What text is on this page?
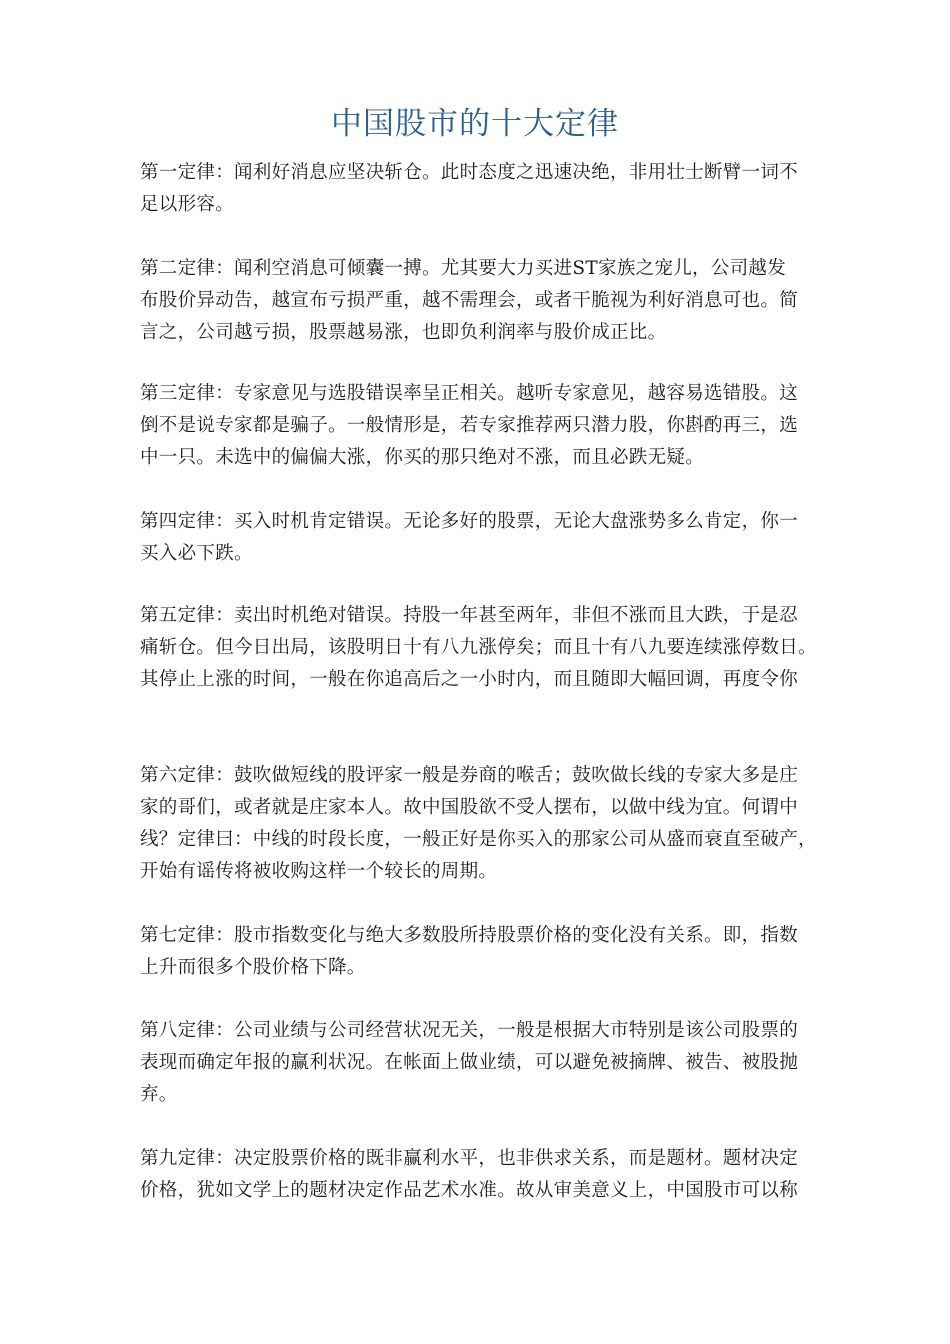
中国股市的十大定律
第一定律：闻利好消息应坚决斩仓。此时态度之迅速决绝，非用壮士断臂一词不
足以形容。
第二定律：闻利空消息可倾囊一搏。尤其要大力买进ST家族之宠儿，公司越发
布股价异动告，越宣布亏损严重，越不需理会，或者干脆视为利好消息可也。简
言之，公司越亏损，股票越易涨，也即负利润率与股价成正比。
第三定律：专家意见与选股错误率呈正相关。越听专家意见，越容易选错股。这
倒不是说专家都是骗子。一般情形是，若专家推荐两只潜力股，你斟酌再三，选
中一只。未选中的偏偏大涨，你买的那只绝对不涨，而且必跌无疑。
第四定律：买入时机肯定错误。无论多好的股票，无论大盘涨势多么肯定，你一
买入必下跌。
第五定律：卖出时机绝对错误。持股一年甚至两年，非但不涨而且大跌，于是忍
痛斩仓。但今日出局，该股明日十有八九涨停矣；而且十有八九要连续涨停数日。
其停止上涨的时间，一般在你追高后之一小时内，而且随即大幅回调，再度令你
第六定律：鼓吹做短线的股评家一般是券商的喉舌；鼓吹做长线的专家大多是庄
家的哥们，或者就是庄家本人。故中国股欲不受人摆布，以做中线为宜。何谓中
线？定律曰：中线的时段长度，一般正好是你买入的那家公司从盛而衰直至破产，
开始有谣传将被收购这样一个较长的周期。
第七定律：股市指数变化与绝大多数股所持股票价格的变化没有关系。即，指数
上升而很多个股价格下降。
第八定律：公司业绩与公司经营状况无关，一般是根据大市特别是该公司股票的
表现而确定年报的赢利状况。在帐面上做业绩，可以避免被摘牌、被告、被股抛
弃。
第九定律：决定股票价格的既非赢利水平，也非供求关系，而是题材。题材决定
价格，犹如文学上的题材决定作品艺术水准。故从审美意义上，中国股市可以称
